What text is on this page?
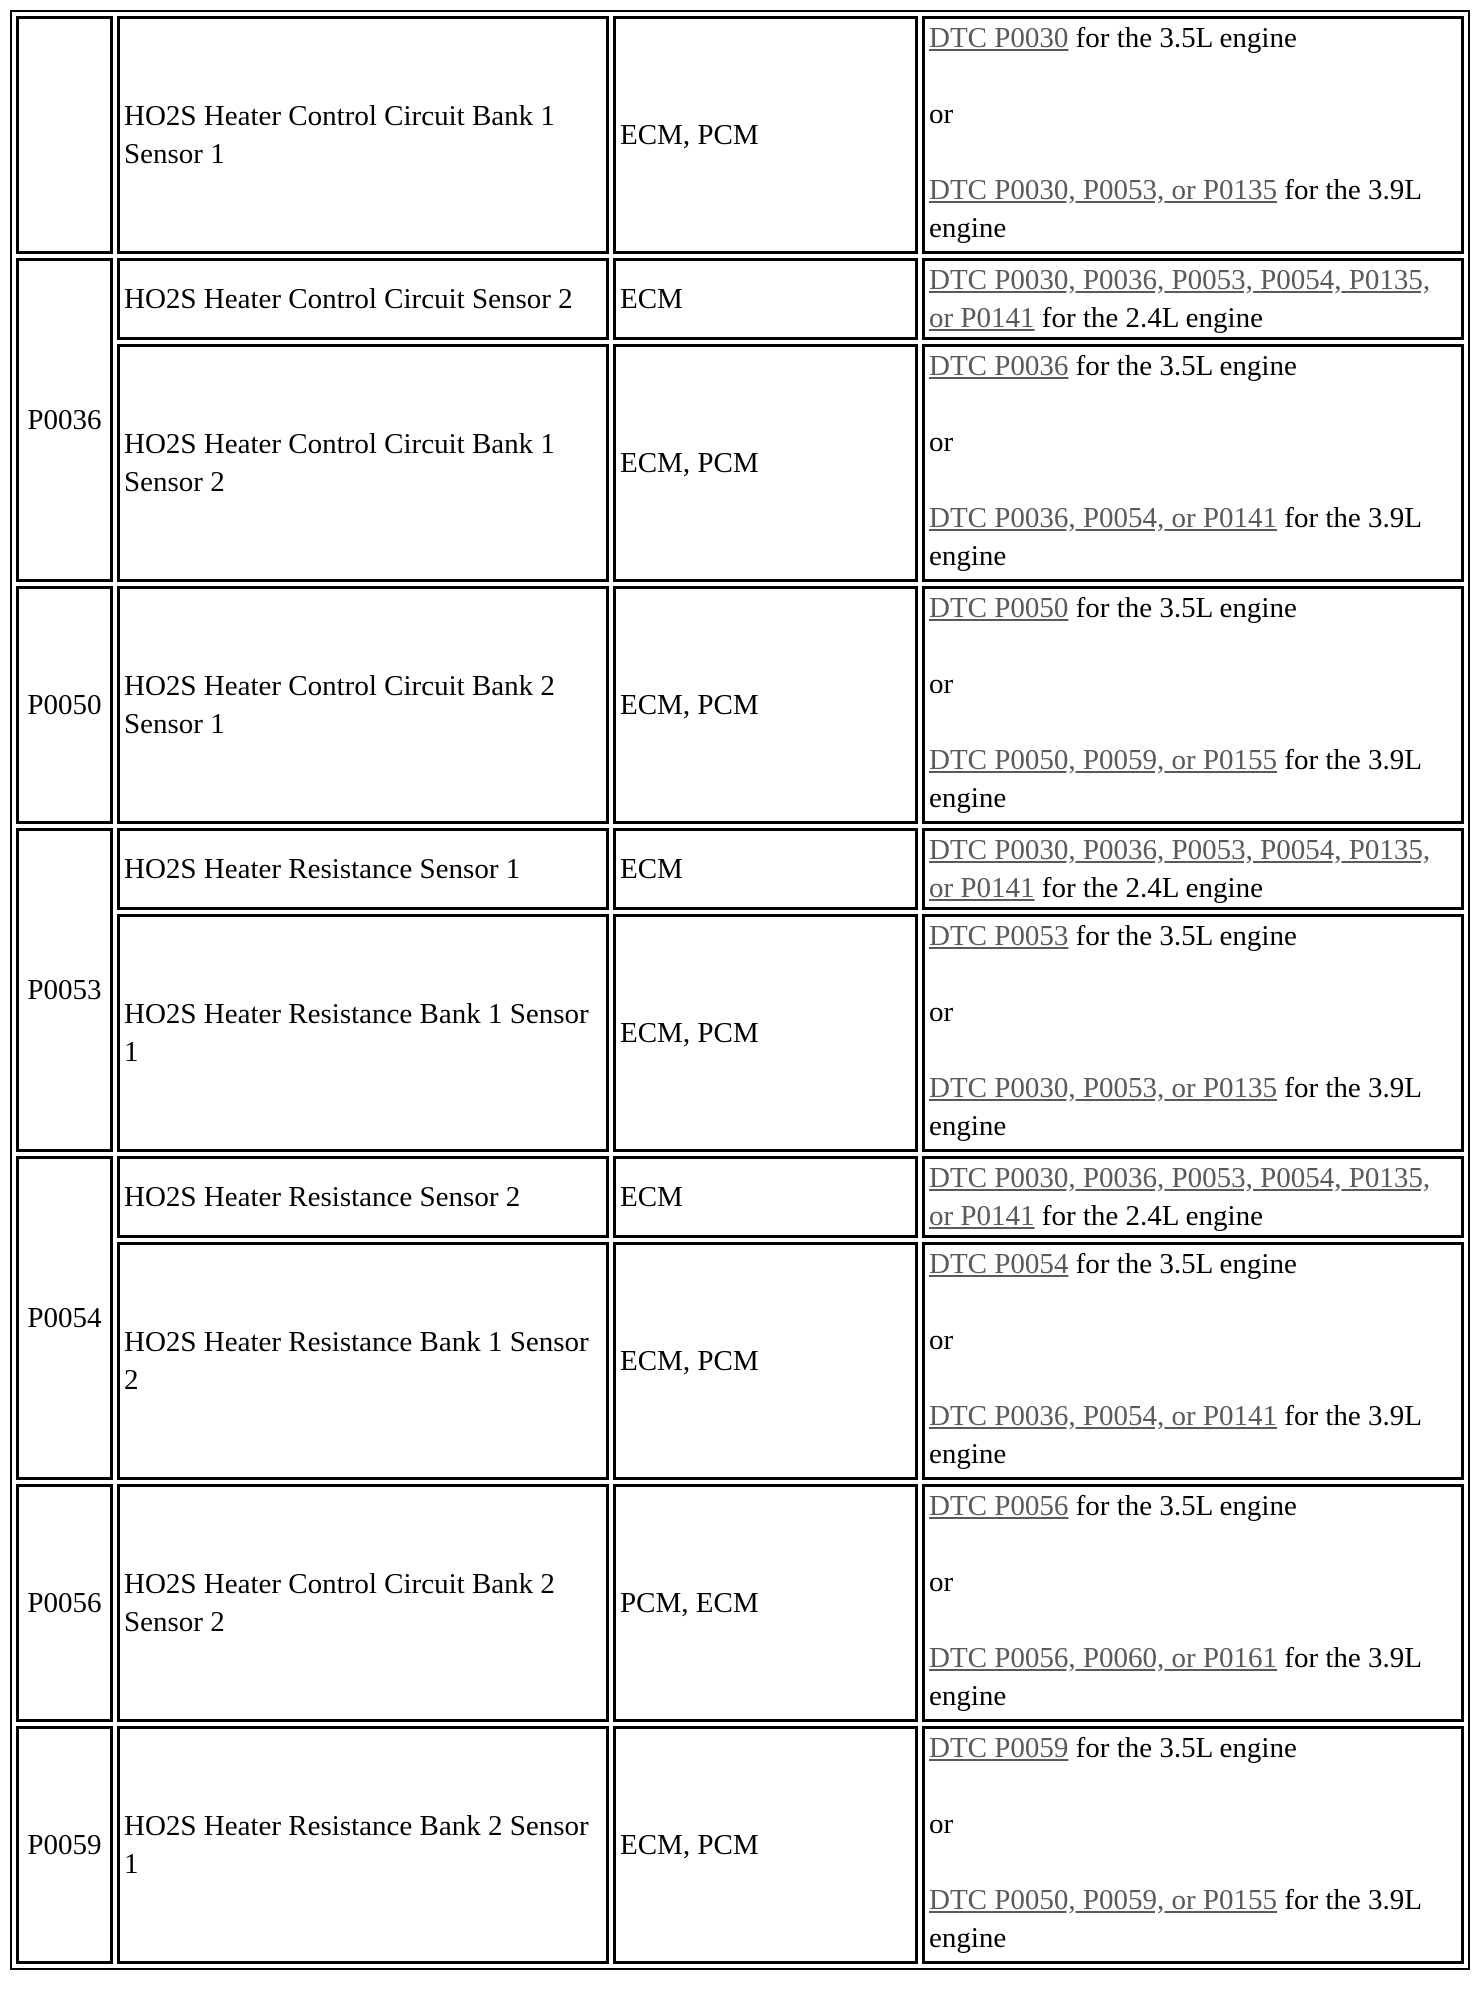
	HO2S Heater Control Circuit Bank 1 Sensor 1	ECM, PCM	DTC P0030 for the 3.5L engine
or
DTC P0030, P0053, or P0135 for the 3.9L engine

P0036	HO2S Heater Control Circuit Sensor 2	ECM	DTC P0030, P0036, P0053, P0054, P0135, or P0141 for the 2.4L engine

	HO2S Heater Control Circuit Bank 1 Sensor 2	ECM, PCM	DTC P0036 for the 3.5L engine
or
DTC P0036, P0054, or P0141 for the 3.9L engine

P0050	HO2S Heater Control Circuit Bank 2 Sensor 1	ECM, PCM	DTC P0050 for the 3.5L engine
or
DTC P0050, P0059, or P0155 for the 3.9L engine

P0053	HO2S Heater Resistance Sensor 1	ECM	DTC P0030, P0036, P0053, P0054, P0135, or P0141 for the 2.4L engine

	HO2S Heater Resistance Bank 1 Sensor 1	ECM, PCM	DTC P0053 for the 3.5L engine
or
DTC P0030, P0053, or P0135 for the 3.9L engine

P0054	HO2S Heater Resistance Sensor 2	ECM	DTC P0030, P0036, P0053, P0054, P0135, or P0141 for the 2.4L engine

	HO2S Heater Resistance Bank 1 Sensor 2	ECM, PCM	DTC P0054 for the 3.5L engine
or
DTC P0036, P0054, or P0141 for the 3.9L engine

P0056	HO2S Heater Control Circuit Bank 2 Sensor 2	PCM, ECM	DTC P0056 for the 3.5L engine
or
DTC P0056, P0060, or P0161 for the 3.9L engine

P0059	HO2S Heater Resistance Bank 2 Sensor 1	ECM, PCM	DTC P0059 for the 3.5L engine
or
DTC P0050, P0059, or P0155 for the 3.9L engine
